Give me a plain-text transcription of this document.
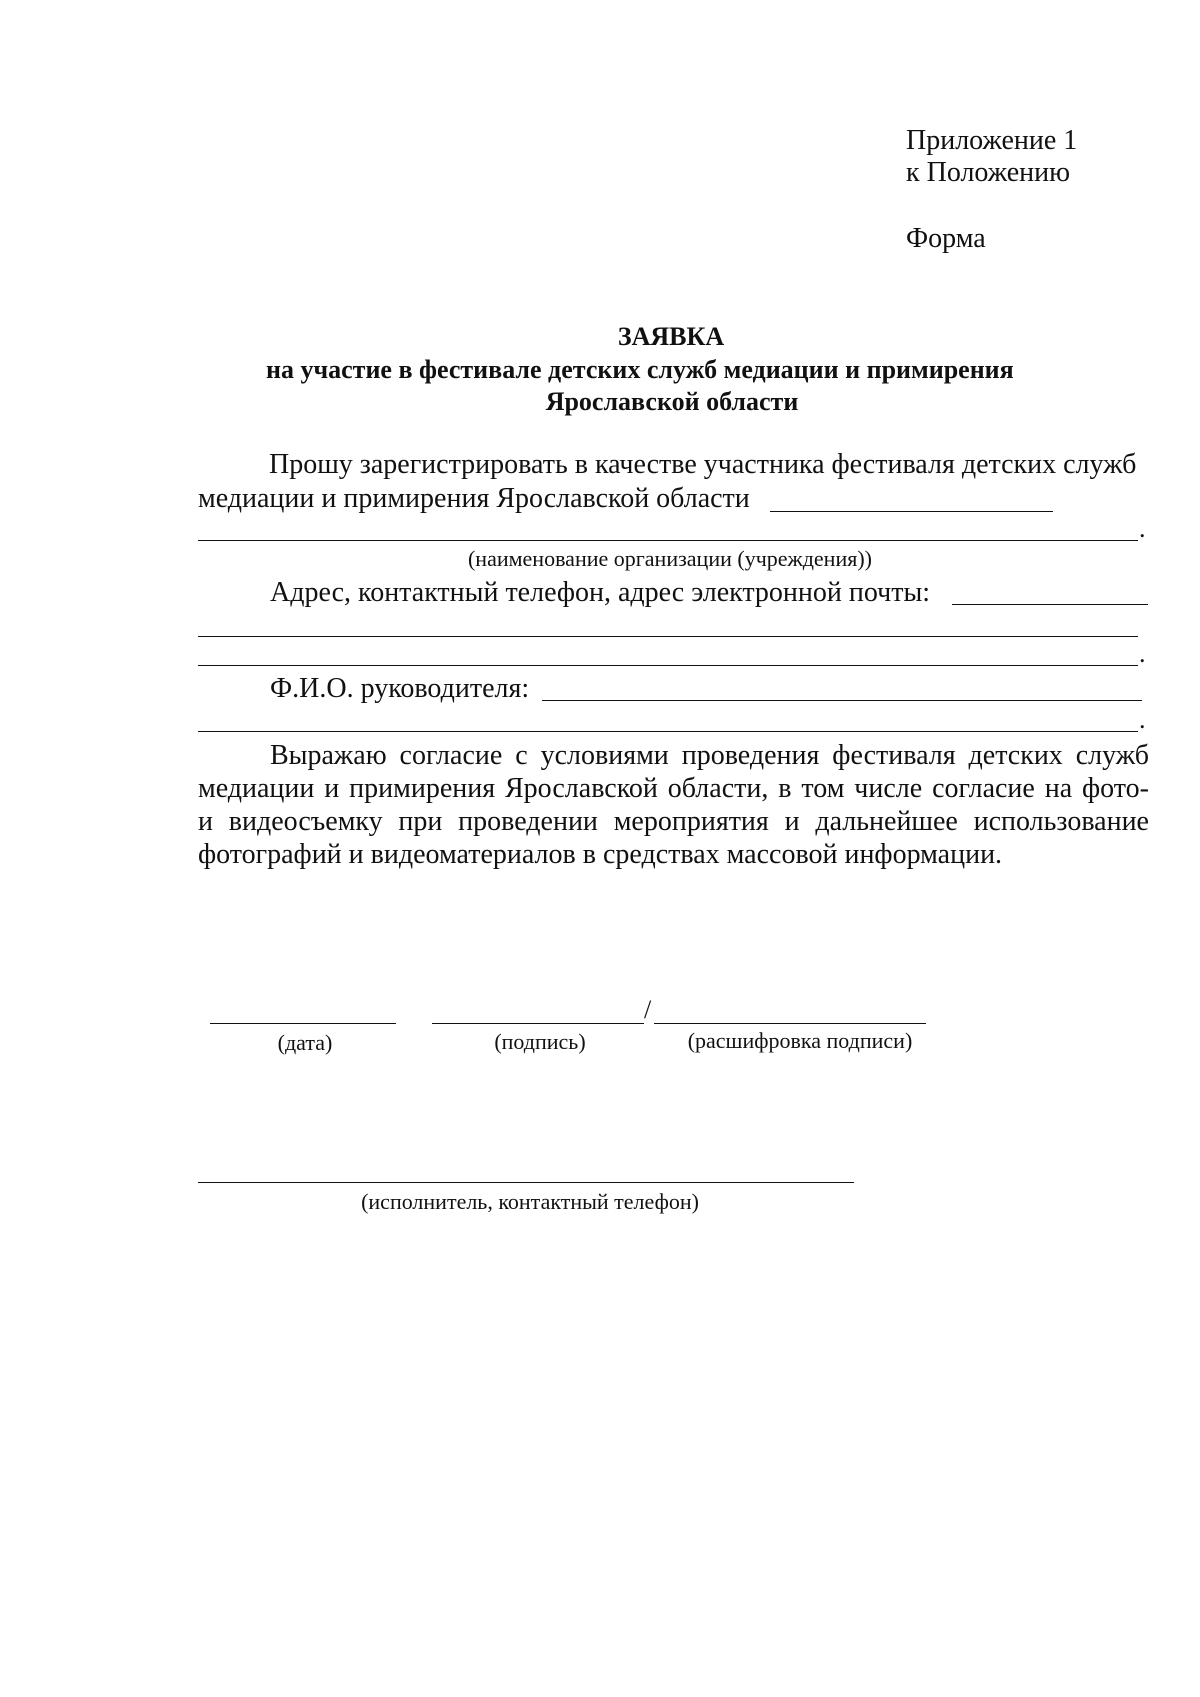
Приложение 1
к Положению
Форма
ЗАЯВКА
на участие в фестивале детских служб медиации и примирения
Ярославской области
Прошу зарегистрировать в качестве участника фестиваля детских служб
медиации и примирения Ярославской области
.
(наименование организации (учреждения))
Адрес, контактный телефон, адрес электронной почты:
.
Ф.И.О. руководителя:
.
Выражаю согласие с условиями проведения фестиваля детских служб
медиации и примирения Ярославской области, в том числе согласие на фото-
и видеосъемку при проведении мероприятия и дальнейшее использование
фотографий и видеоматериалов в средствах массовой информации.
/
(дата)	(подпись)	(расшифровка подписи)
(исполнитель, контактный телефон)
